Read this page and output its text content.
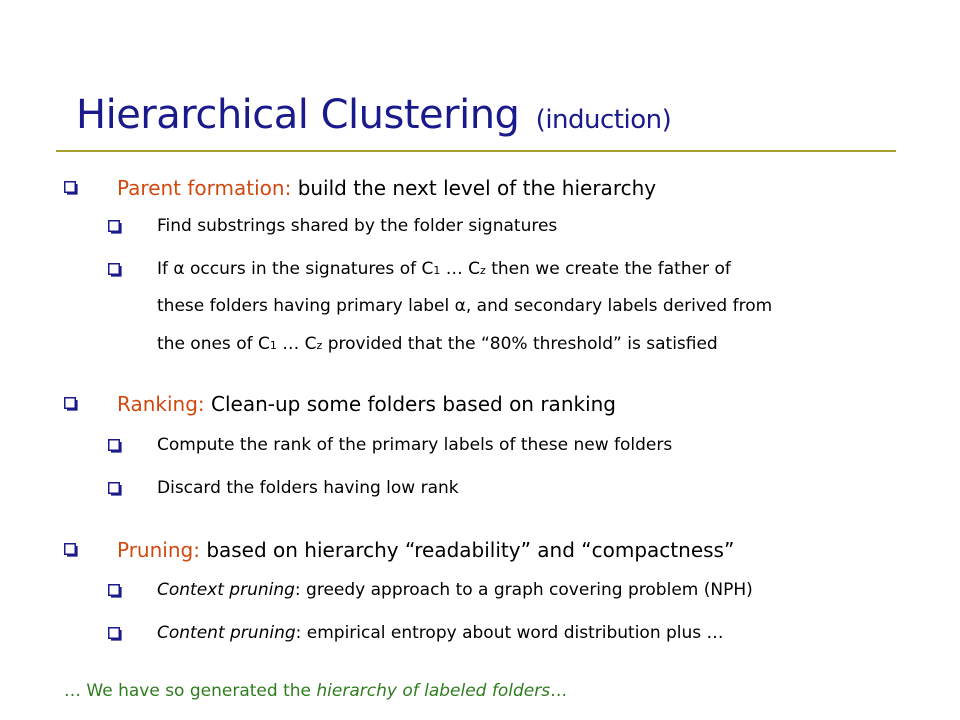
Hierarchical Clustering (induction)
Parent formation: build the next level of the hierarchy
Find substrings shared by the folder signatures
If α occurs in the signatures of C1 … Cz then we create the father of
these folders having primary label α, and secondary labels derived from
the ones of C1 … Cz provided that the “80% threshold” is satisfied
Ranking: Clean-up some folders based on ranking
Compute the rank of the primary labels of these new folders
Discard the folders having low rank
Pruning: based on hierarchy “readability” and “compactness”
Context pruning: greedy approach to a graph covering problem (NPH)
Content pruning: empirical entropy about word distribution plus …
… We have so generated the hierarchy of labeled folders…
